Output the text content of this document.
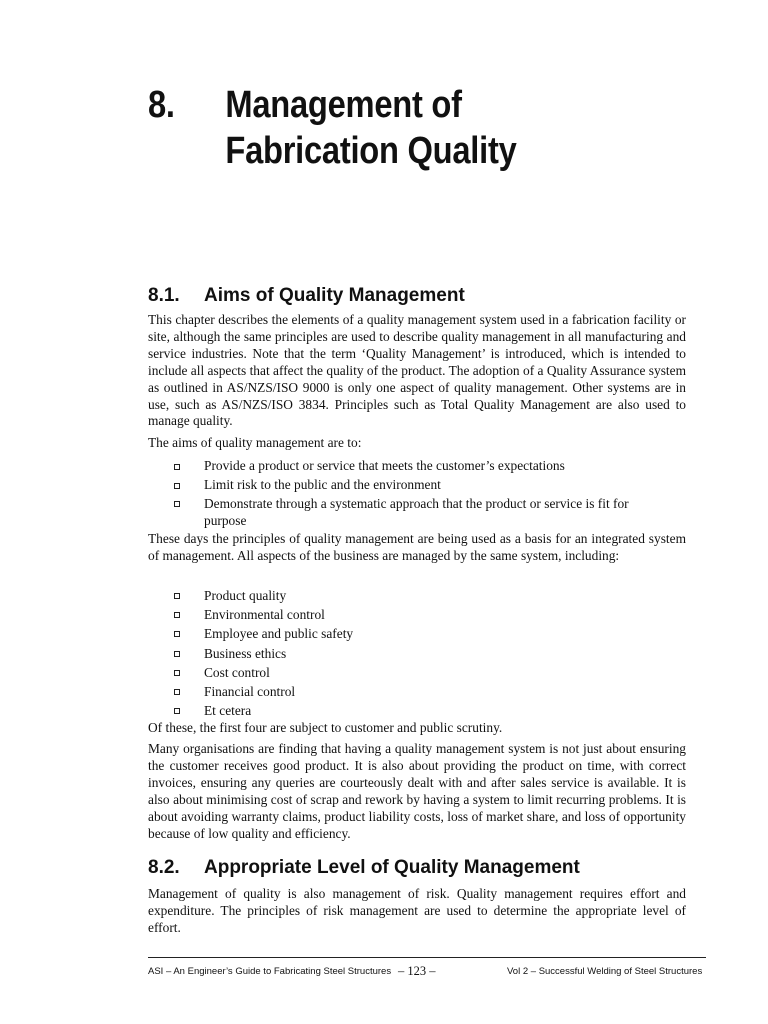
8. Management of
Fabrication Quality
8.1. Aims of Quality Management

This chapter describes the elements of a quality management system used in a fabrication facility or site, although the same principles are used to describe quality management in all manufacturing and service industries. Note that the term ‘Quality Management’ is introduced, which is intended to include all aspects that affect the quality of the product. The adoption of a Quality Assurance system as outlined in AS/NZS/ISO 9000 is only one aspect of quality management. Other systems are in use, such as AS/NZS/ISO 3834. Principles such as Total Quality Management are also used to manage quality.

The aims of quality management are to:

Provide a product or service that meets the customer’s expectations
Limit risk to the public and the environment
Demonstrate through a systematic approach that the product or service is fit for purpose

These days the principles of quality management are being used as a basis for an integrated system of management. All aspects of the business are managed by the same system, including:

Product quality
Environmental control
Employee and public safety
Business ethics
Cost control
Financial control
Et cetera

Of these, the first four are subject to customer and public scrutiny.

Many organisations are finding that having a quality management system is not just about ensuring the customer receives good product. It is also about providing the product on time, with correct invoices, ensuring any queries are courteously dealt with and after sales service is available. It is also about minimising cost of scrap and rework by having a system to limit recurring problems. It is about avoiding warranty claims, product liability costs, loss of market share, and loss of opportunity because of low quality and efficiency.

8.2. Appropriate Level of Quality Management

Management of quality is also management of risk. Quality management requires effort and expenditure. The principles of risk management are used to determine the appropriate level of effort.

ASI – An Engineer’s Guide to Fabricating Steel Structures – 123 –	Vol 2 – Successful Welding of Steel Structures
